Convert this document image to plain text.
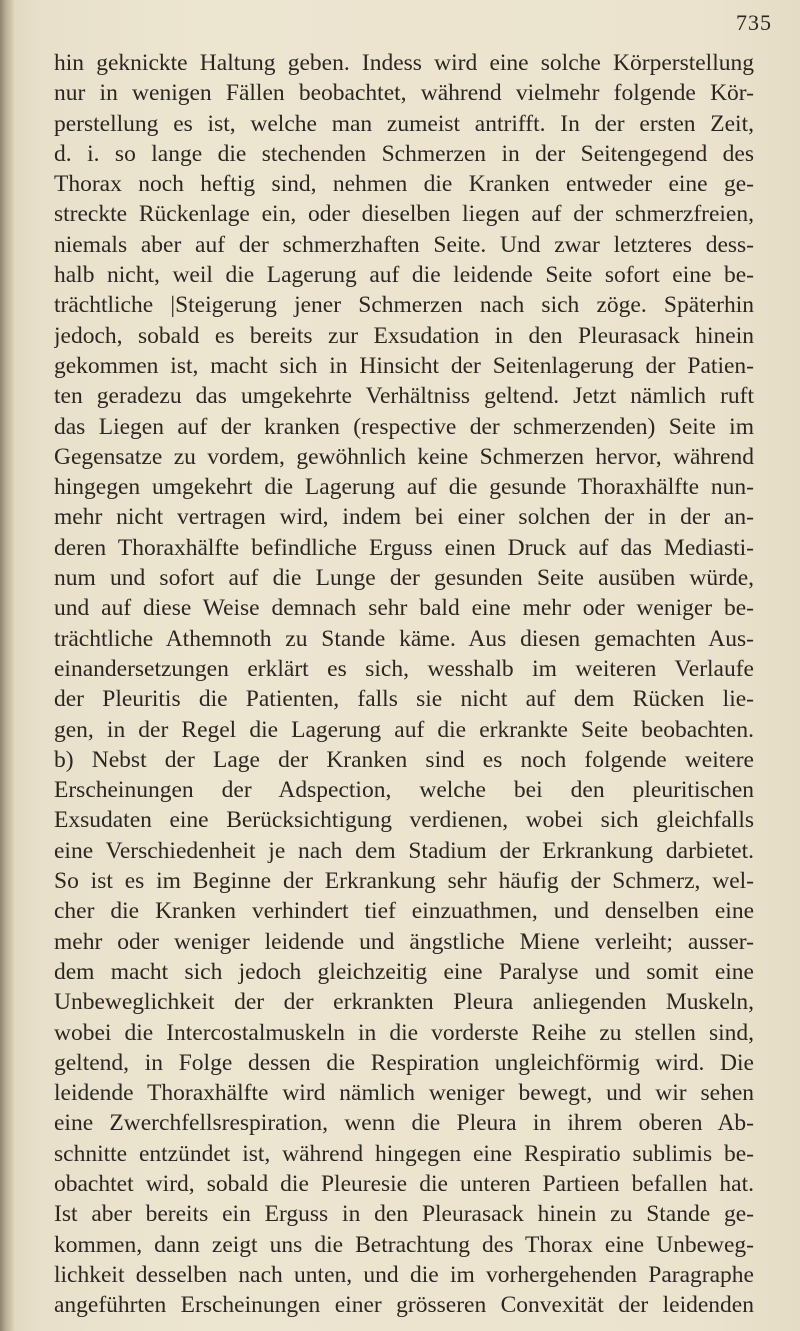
735
hin geknickte Haltung geben. Indess wird eine solche Körperstellung
nur in wenigen Fällen beobachtet, während vielmehr folgende Kör-
perstellung es ist, welche man zumeist antrifft. In der ersten Zeit,
d. i. so lange die stechenden Schmerzen in der Seitengegend des
Thorax noch heftig sind, nehmen die Kranken entweder eine ge-
streckte Rückenlage ein, oder dieselben liegen auf der schmerzfreien,
niemals aber auf der schmerzhaften Seite. Und zwar letzteres dess-
halb nicht, weil die Lagerung auf die leidende Seite sofort eine be-
trächtliche |Steigerung jener Schmerzen nach sich zöge. Späterhin
jedoch, sobald es bereits zur Exsudation in den Pleurasack hinein
gekommen ist, macht sich in Hinsicht der Seitenlagerung der Patien-
ten geradezu das umgekehrte Verhältniss geltend. Jetzt nämlich ruft
das Liegen auf der kranken (respective der schmerzenden) Seite im
Gegensatze zu vordem, gewöhnlich keine Schmerzen hervor, während
hingegen umgekehrt die Lagerung auf die gesunde Thoraxhälfte nun-
mehr nicht vertragen wird, indem bei einer solchen der in der an-
deren Thoraxhälfte befindliche Erguss einen Druck auf das Mediasti-
num und sofort auf die Lunge der gesunden Seite ausüben würde,
und auf diese Weise demnach sehr bald eine mehr oder weniger be-
trächtliche Athemnoth zu Stande käme. Aus diesen gemachten Aus-
einandersetzungen erklärt es sich, wesshalb im weiteren Verlaufe
der Pleuritis die Patienten, falls sie nicht auf dem Rücken lie-
gen, in der Regel die Lagerung auf die erkrankte Seite beobachten.
b) Nebst der Lage der Kranken sind es noch folgende weitere
Erscheinungen der Adspection, welche bei den pleuritischen
Exsudaten eine Berücksichtigung verdienen, wobei sich gleichfalls
eine Verschiedenheit je nach dem Stadium der Erkrankung darbietet.
So ist es im Beginne der Erkrankung sehr häufig der Schmerz, wel-
cher die Kranken verhindert tief einzuathmen, und denselben eine
mehr oder weniger leidende und ängstliche Miene verleiht; ausser-
dem macht sich jedoch gleichzeitig eine Paralyse und somit eine
Unbeweglichkeit der der erkrankten Pleura anliegenden Muskeln,
wobei die Intercostalmuskeln in die vorderste Reihe zu stellen sind,
geltend, in Folge dessen die Respiration ungleichförmig wird. Die
leidende Thoraxhälfte wird nämlich weniger bewegt, und wir sehen
eine Zwerchfellsrespiration, wenn die Pleura in ihrem oberen Ab-
schnitte entzündet ist, während hingegen eine Respiratio sublimis be-
obachtet wird, sobald die Pleuresie die unteren Partieen befallen hat.
Ist aber bereits ein Erguss in den Pleurasack hinein zu Stande ge-
kommen, dann zeigt uns die Betrachtung des Thorax eine Unbeweg-
lichkeit desselben nach unten, und die im vorhergehenden Paragraphe
angeführten Erscheinungen einer grösseren Convexität der leidenden
